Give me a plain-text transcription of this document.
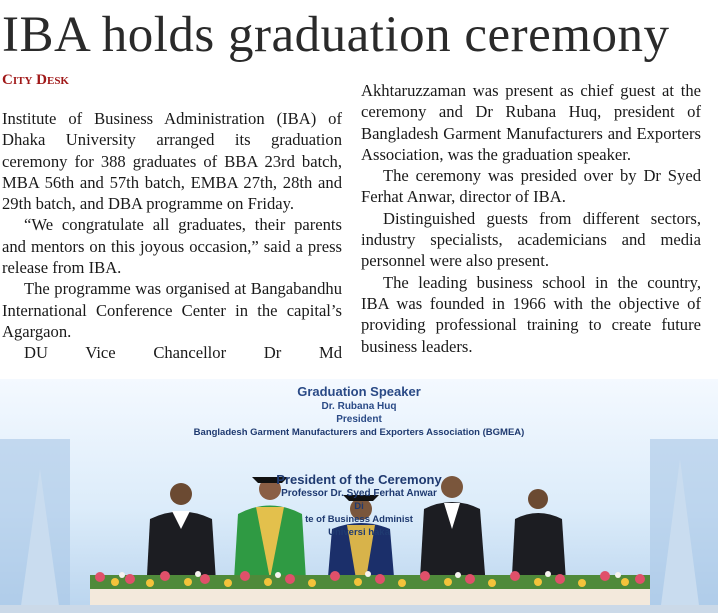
IBA holds graduation ceremony
City Desk

Institute of Business Administration (IBA) of Dhaka University arranged its graduation ceremony for 388 graduates of BBA 23rd batch, MBA 56th and 57th batch, EMBA 27th, 28th and 29th batch, and DBA programme on Friday.

“We congratulate all graduates, their parents and mentors on this joyous occasion,” said a press release from IBA.

The programme was organised at Bangabandhu International Conference Center in the capital’s Agargaon.

DU Vice Chancellor Dr Md

Akhtaruzzaman was present as chief guest at the ceremony and Dr Rubana Huq, president of Bangladesh Garment Manufacturers and Exporters Association, was the graduation speaker.

The ceremony was presided over by Dr Syed Ferhat Anwar, director of IBA.

Distinguished guests from different sectors, industry specialists, academicians and media personnel were also present.

The leading business school in the country, IBA was founded in 1966 with the objective of providing professional training to create future business leaders.

Graduation Speaker
Dr. Rubana Huq
President
Bangladesh Garment Manufacturers and Exporters Association (BGMEA)
President of the Ceremony
Professor Dr. Syed Ferhat Anwar
Di
te of Business Administ
Universi haka
